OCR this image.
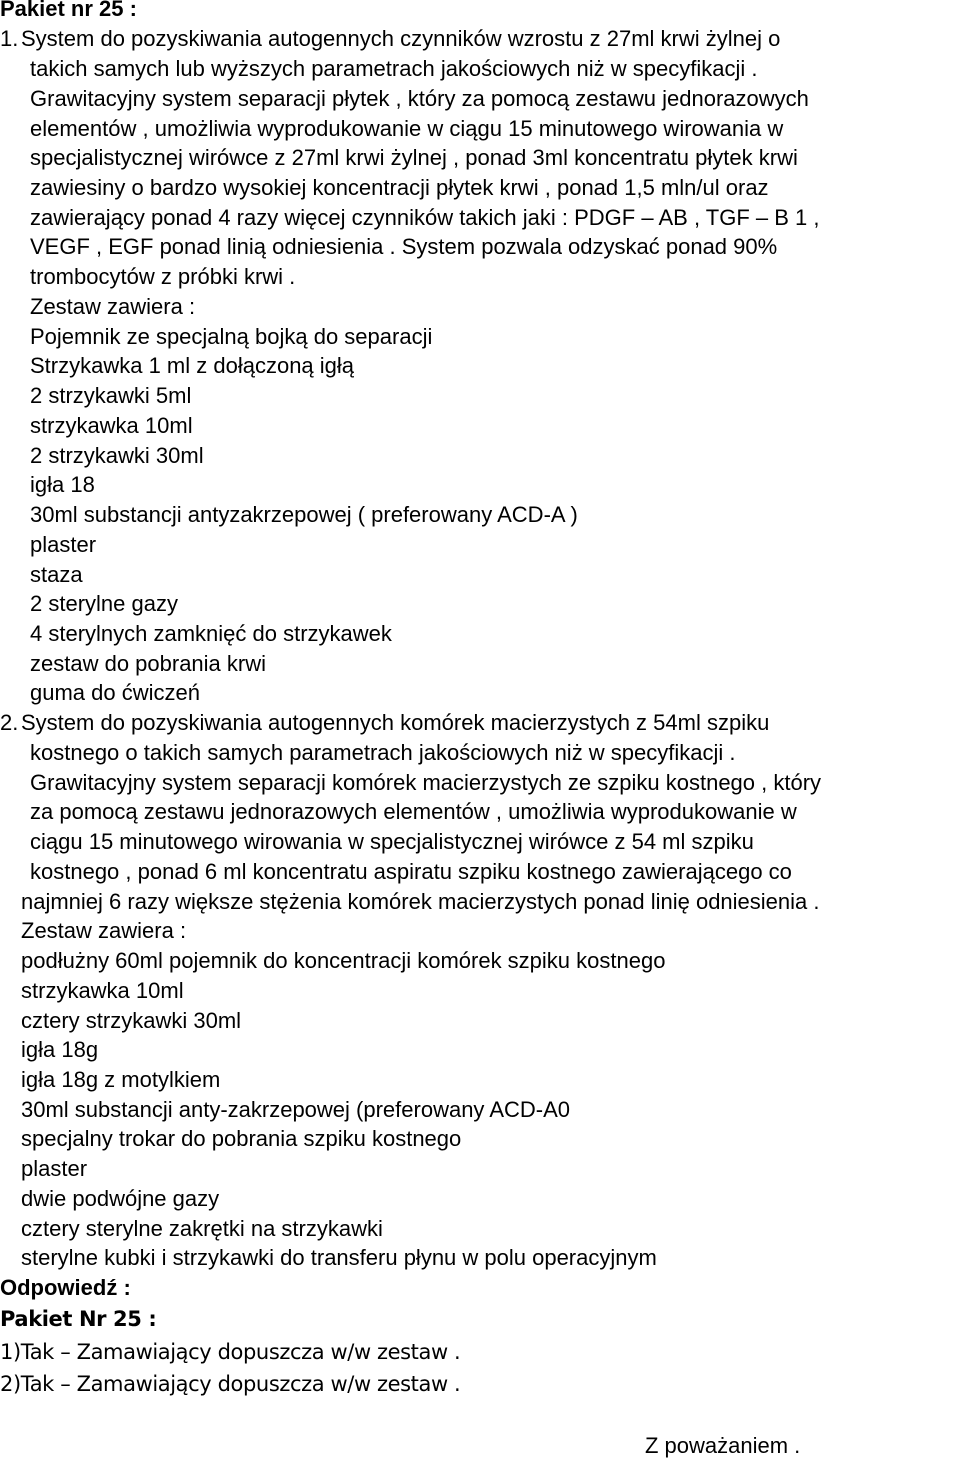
Pakiet nr 25 :
1. System do pozyskiwania autogennych czynników wzrostu z 27ml krwi żylnej o
takich samych lub wyższych parametrach jakościowych niż w specyfikacji .
Grawitacyjny system separacji płytek , który za pomocą zestawu jednorazowych
elementów , umożliwia wyprodukowanie w ciągu 15 minutowego wirowania w
specjalistycznej wirówce z 27ml krwi żylnej , ponad 3ml koncentratu płytek krwi
zawiesiny o bardzo wysokiej koncentracji płytek krwi , ponad 1,5 mln/ul oraz
zawierający ponad 4 razy więcej czynników takich jaki : PDGF – AB , TGF – B 1 ,
VEGF , EGF ponad linią odniesienia . System pozwala odzyskać ponad 90%
trombocytów z próbki krwi .
Zestaw zawiera :
Pojemnik ze specjalną bojką do separacji
Strzykawka 1 ml z dołączoną igłą
2 strzykawki 5ml
strzykawka 10ml
2 strzykawki 30ml
igła 18
30ml substancji antyzakrzepowej ( preferowany ACD-A )
plaster
staza
2 sterylne gazy
4 sterylnych zamknięć do strzykawek
zestaw do pobrania krwi
guma do ćwiczeń
2. System do pozyskiwania autogennych komórek macierzystych z 54ml szpiku
kostnego o takich samych parametrach jakościowych niż w specyfikacji .
Grawitacyjny system separacji komórek macierzystych ze szpiku kostnego , który
za pomocą zestawu jednorazowych elementów , umożliwia wyprodukowanie w
ciągu 15 minutowego wirowania w specjalistycznej wirówce z 54 ml szpiku
kostnego , ponad 6 ml koncentratu aspiratu szpiku kostnego zawierającego co
najmniej 6 razy większe stężenia komórek macierzystych ponad linię odniesienia .
Zestaw zawiera :
podłużny 60ml pojemnik do koncentracji komórek szpiku kostnego
strzykawka 10ml
cztery strzykawki 30ml
igła 18g
igła 18g z motylkiem
30ml substancji anty-zakrzepowej (preferowany ACD-A0
specjalny trokar do pobrania szpiku kostnego
plaster
dwie podwójne gazy
cztery sterylne zakrętki na strzykawki
sterylne kubki i strzykawki do transferu płynu w polu operacyjnym
Odpowiedź :
Pakiet Nr 25 :
1)Tak – Zamawiający dopuszcza w/w zestaw .
2)Tak – Zamawiający dopuszcza w/w zestaw .
Z poważaniem .
